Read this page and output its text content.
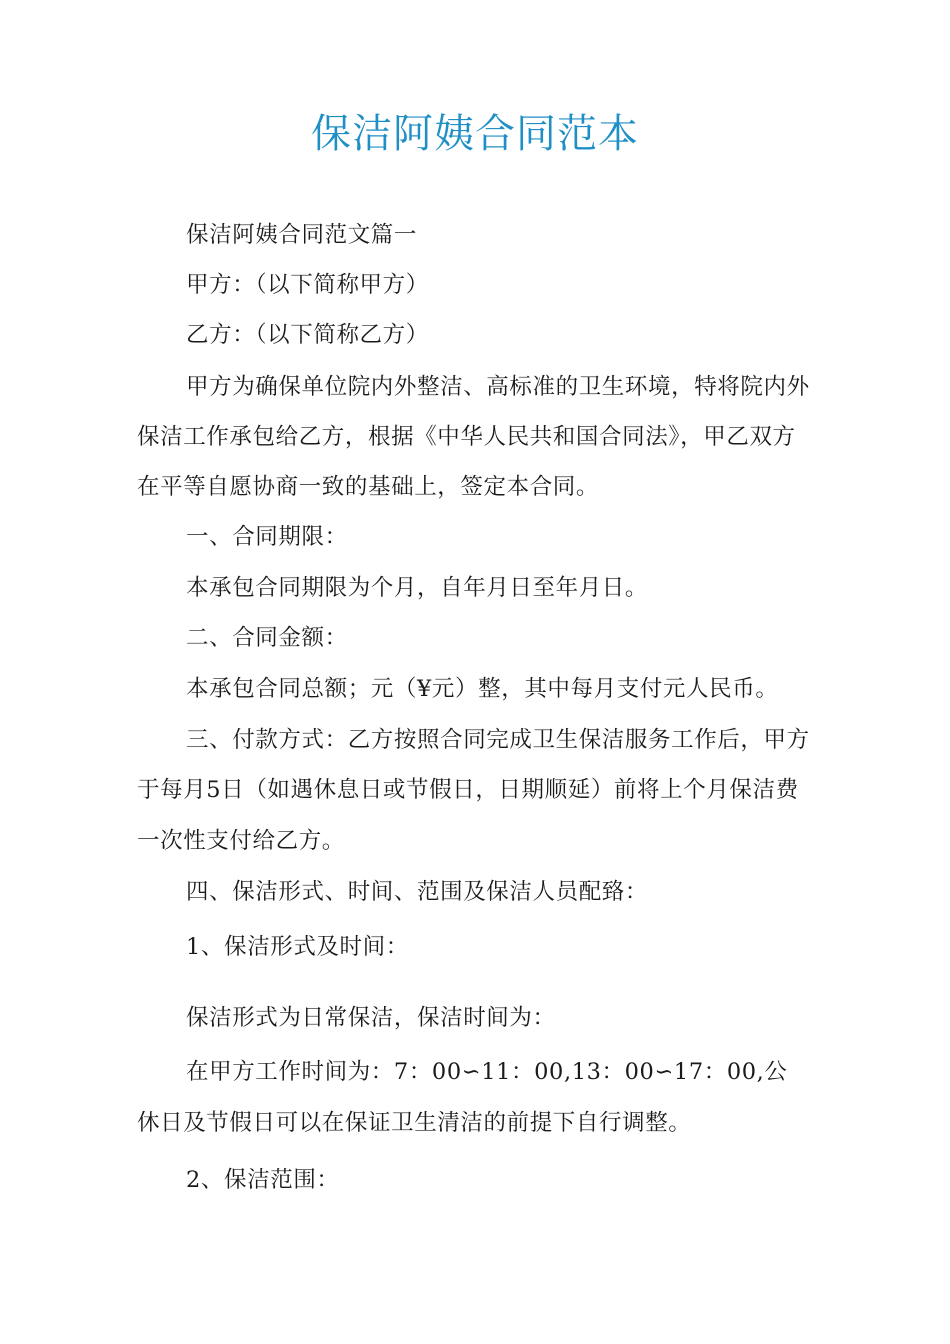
保洁阿姨合同范本
保洁阿姨合同范文篇一
甲方：（以下简称甲方）
乙方：（以下简称乙方）
甲方为确保单位院内外整洁、高标准的卫生环境，特将院内外
保洁工作承包给乙方，根据《中华人民共和国合同法》，甲乙双方
在平等自愿协商一致的基础上，签定本合同。
一、合同期限：
本承包合同期限为个月，自年月日至年月日。
二、合同金额：
本承包合同总额；元（¥元）整，其中每月支付元人民币。
三、付款方式：乙方按照合同完成卫生保洁服务工作后，甲方
于每月5日（如遇休息日或节假日，日期顺延）前将上个月保洁费
一次性支付给乙方。
四、保洁形式、时间、范围及保洁人员配臵：
1、保洁形式及时间：
保洁形式为日常保洁，保洁时间为：
在甲方工作时间为：7：00∽11：00,13：00∽17：00,公
休日及节假日可以在保证卫生清洁的前提下自行调整。
2、保洁范围：
